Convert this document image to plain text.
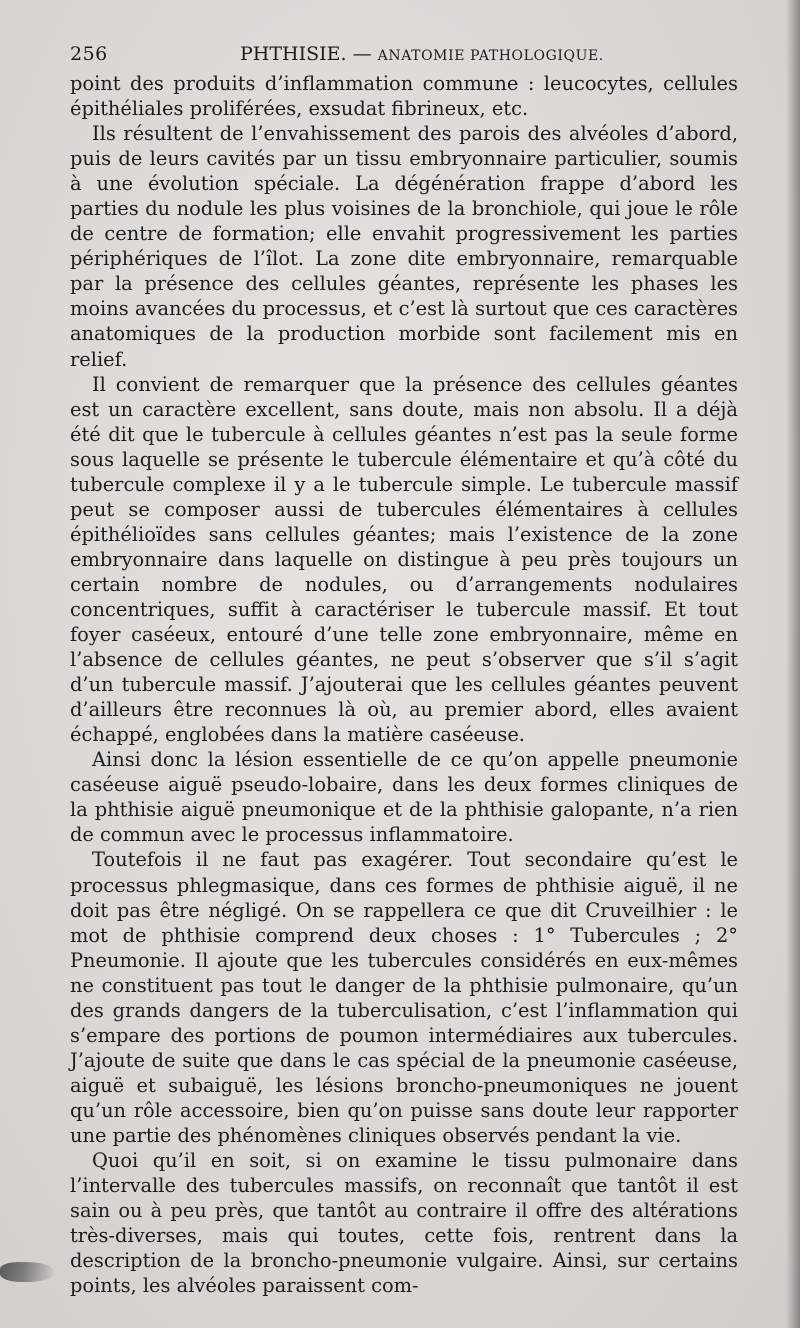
256	PHTHISIE. — ANATOMIE PATHOLOGIQUE.

point des produits d’inflammation commune : leucocytes, cellules épithéliales proliférées, exsudat fibrineux, etc.

Ils résultent de l’envahissement des parois des alvéoles d’abord, puis de leurs cavités par un tissu embryonnaire particulier, soumis à une évolution spéciale. La dégénération frappe d’abord les parties du nodule les plus voisines de la bronchiole, qui joue le rôle de centre de formation; elle envahit progressivement les parties périphériques de l’îlot. La zone dite embryonnaire, remarquable par la présence des cellules géantes, représente les phases les moins avancées du processus, et c’est là surtout que ces caractères anatomiques de la production morbide sont facilement mis en relief.

Il convient de remarquer que la présence des cellules géantes est un caractère excellent, sans doute, mais non absolu. Il a déjà été dit que le tubercule à cellules géantes n’est pas la seule forme sous laquelle se présente le tubercule élémentaire et qu’à côté du tubercule complexe il y a le tubercule simple. Le tubercule massif peut se composer aussi de tubercules élémentaires à cellules épithélioïdes sans cellules géantes; mais l’existence de la zone embryonnaire dans laquelle on distingue à peu près toujours un certain nombre de nodules, ou d’arrangements nodulaires concentriques, suffit à caractériser le tubercule massif. Et tout foyer caséeux, entouré d’une telle zone embryonnaire, même en l’absence de cellules géantes, ne peut s’observer que s’il s’agit d’un tubercule massif. J’ajouterai que les cellules géantes peuvent d’ailleurs être reconnues là où, au premier abord, elles avaient échappé, englobées dans la matière caséeuse.

Ainsi donc la lésion essentielle de ce qu’on appelle pneumonie caséeuse aiguë pseudo-lobaire, dans les deux formes cliniques de la phthisie aiguë pneumonique et de la phthisie galopante, n’a rien de commun avec le processus inflammatoire.

Toutefois il ne faut pas exagérer. Tout secondaire qu’est le processus phlegmasique, dans ces formes de phthisie aiguë, il ne doit pas être négligé. On se rappellera ce que dit Cruveilhier : le mot de phthisie comprend deux choses : 1° Tubercules ; 2° Pneumonie. Il ajoute que les tubercules considérés en eux-mêmes ne constituent pas tout le danger de la phthisie pulmonaire, qu’un des grands dangers de la tuberculisation, c’est l’inflammation qui s’empare des portions de poumon intermédiaires aux tubercules. J’ajoute de suite que dans le cas spécial de la pneumonie caséeuse, aiguë et subaiguë, les lésions broncho-pneumoniques ne jouent qu’un rôle accessoire, bien qu’on puisse sans doute leur rapporter une partie des phénomènes cliniques observés pendant la vie.

Quoi qu’il en soit, si on examine le tissu pulmonaire dans l’intervalle des tubercules massifs, on reconnaît que tantôt il est sain ou à peu près, que tantôt au contraire il offre des altérations très-diverses, mais qui toutes, cette fois, rentrent dans la description de la broncho-pneumonie vulgaire. Ainsi, sur certains points, les alvéoles paraissent com-
